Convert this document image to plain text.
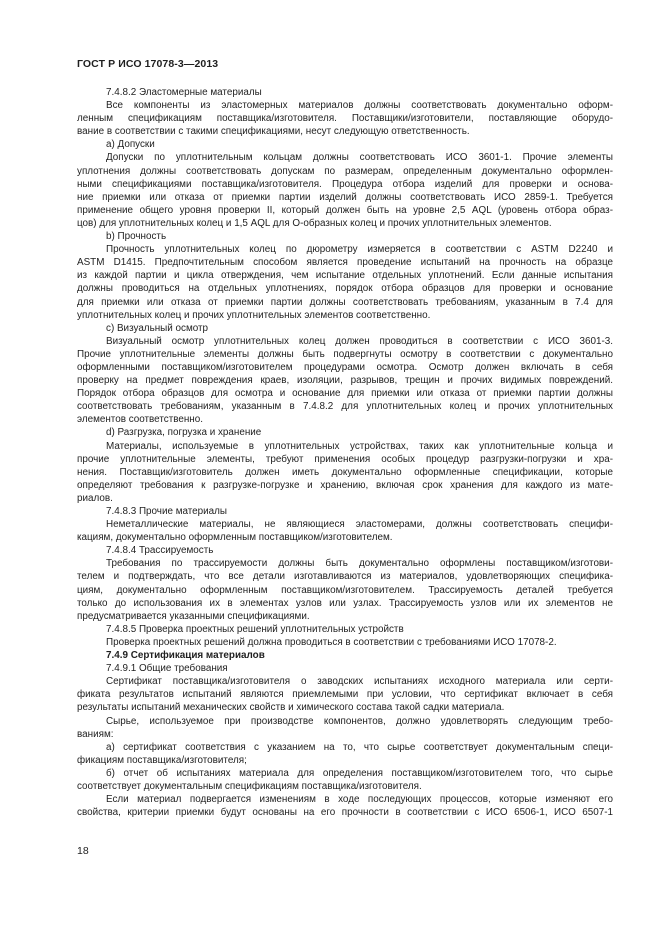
ГОСТ Р ИСО 17078-3—2013
7.4.8.2 Эластомерные материалы
Все компоненты из эластомерных материалов должны соответствовать документально оформ-
ленным спецификациям поставщика/изготовителя. Поставщики/изготовители, поставляющие оборудо-
вание в соответствии с такими спецификациями, несут следующую ответственность.
а) Допуски
Допуски по уплотнительным кольцам должны соответствовать ИСО 3601-1. Прочие элементы
уплотнения должны соответствовать допускам по размерам, определенным документально оформлен-
ными спецификациями поставщика/изготовителя. Процедура отбора изделий для проверки и основа-
ние приемки или отказа от приемки партии изделий должны соответствовать ИСО 2859-1. Требуется
применение общего уровня проверки II, который должен быть на уровне 2,5 AQL (уровень отбора образ-
цов) для уплотнительных колец и 1,5 AQL для О-образных колец и прочих уплотнительных элементов.
b) Прочность
Прочность уплотнительных колец по дюрометру измеряется в соответствии с ASTM D2240 и
ASTM D1415. Предпочтительным способом является проведение испытаний на прочность на образце
из каждой партии и цикла отверждения, чем испытание отдельных уплотнений. Если данные испытания
должны проводиться на отдельных уплотнениях, порядок отбора образцов для проверки и основание
для приемки или отказа от приемки партии должны соответствовать требованиям, указанным в 7.4 для
уплотнительных колец и прочих уплотнительных элементов соответственно.
c) Визуальный осмотр
Визуальный осмотр уплотнительных колец должен проводиться в соответствии с ИСО 3601-3.
Прочие уплотнительные элементы должны быть подвергнуты осмотру в соответствии с документально
оформленными поставщиком/изготовителем процедурами осмотра. Осмотр должен включать в себя
проверку на предмет повреждения краев, изоляции, разрывов, трещин и прочих видимых повреждений.
Порядок отбора образцов для осмотра и основание для приемки или отказа от приемки партии должны
соответствовать требованиям, указанным в 7.4.8.2 для уплотнительных колец и прочих уплотнительных
элементов соответственно.
d) Разгрузка, погрузка и хранение
Материалы, используемые в уплотнительных устройствах, таких как уплотнительные кольца и
прочие уплотнительные элементы, требуют применения особых процедур разгрузки-погрузки и хра-
нения. Поставщик/изготовитель должен иметь документально оформленные спецификации, которые
определяют требования к разгрузке-погрузке и хранению, включая срок хранения для каждого из мате-
риалов.
7.4.8.3 Прочие материалы
Неметаллические материалы, не являющиеся эластомерами, должны соответствовать специфи-
кациям, документально оформленным поставщиком/изготовителем.
7.4.8.4 Трассируемость
Требования по трассируемости должны быть документально оформлены поставщиком/изготови-
телем и подтверждать, что все детали изготавливаются из материалов, удовлетворяющих специфика-
циям, документально оформленным поставщиком/изготовителем. Трассируемость деталей требуется
только до использования их в элементах узлов или узлах. Трассируемость узлов или их элементов не
предусматривается указанными спецификациями.
7.4.8.5 Проверка проектных решений уплотнительных устройств
Проверка проектных решений должна проводиться в соответствии с требованиями ИСО 17078-2.
7.4.9 Сертификация материалов
7.4.9.1 Общие требования
Сертификат поставщика/изготовителя о заводских испытаниях исходного материала или серти-
фиката результатов испытаний являются приемлемыми при условии, что сертификат включает в себя
результаты испытаний механических свойств и химического состава такой садки материала.
Сырье, используемое при производстве компонентов, должно удовлетворять следующим требо-
ваниям:
а) сертификат соответствия с указанием на то, что сырье соответствует документальным специ-
фикациям поставщика/изготовителя;
б) отчет об испытаниях материала для определения поставщиком/изготовителем того, что сырье
соответствует документальным спецификациям поставщика/изготовителя.
Если материал подвергается изменениям в ходе последующих процессов, которые изменяют его
свойства, критерии приемки будут основаны на его прочности в соответствии с ИСО 6506-1, ИСО 6507-1
18
